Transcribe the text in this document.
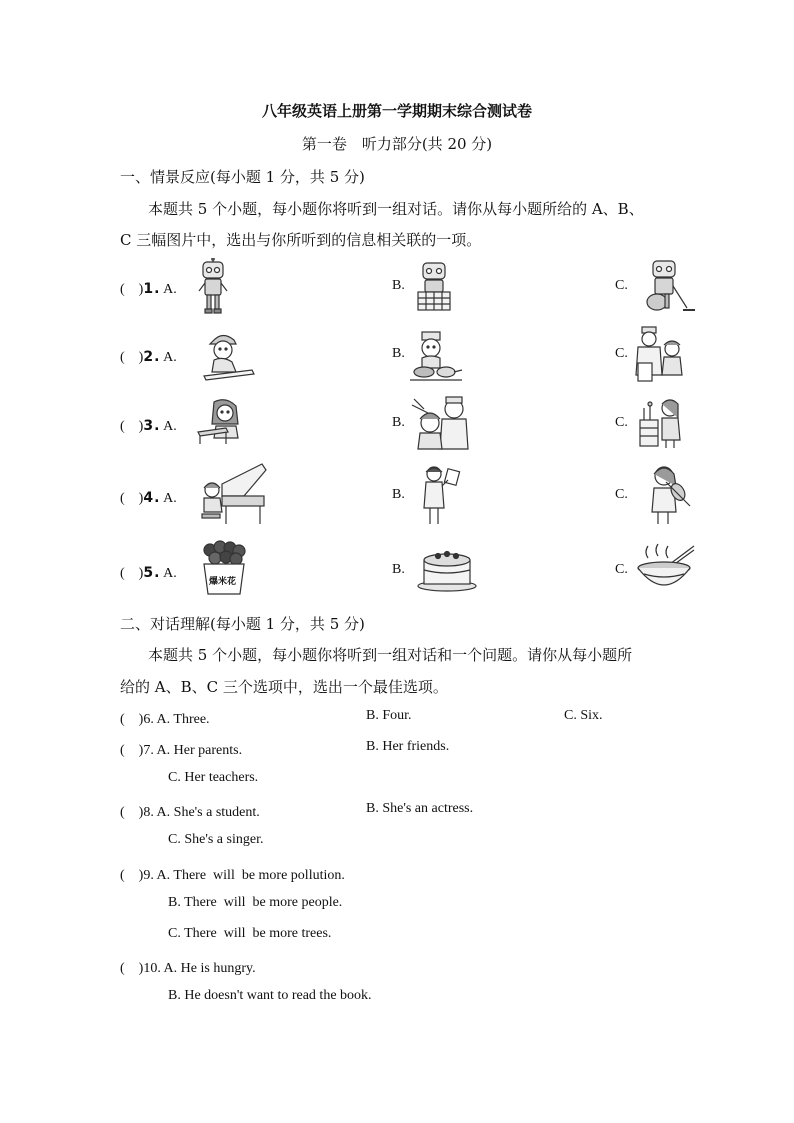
八年级英语上册第一学期期末综合测试卷
第一卷　听力部分(共 20 分)
一、情景反应(每小题 1 分，共 5 分)
本题共 5 个小题，每小题你将听到一组对话。请你从每小题所给的 A、B、
C 三幅图片中，选出与你所听到的信息相关联的一项。
(　)1. A.	B.	C.
(　)2. A.	B.	C.
(　)3. A.	B.	C.
(　)4. A.	B.	C.
(　)5. A.	B.	C.
爆米花
二、对话理解(每小题 1 分，共 5 分)
本题共 5 个小题，每小题你将听到一组对话和一个问题。请你从每小题所
给的 A、B、C 三个选项中，选出一个最佳选项。
(　)6. A. Three.	B. Four.	C. Six.
(　)7. A. Her parents.	B. Her friends.
C. Her teachers.
(　)8. A. She's a student.	B. She's an actress.
C. She's a singer.
(　)9. A. There  will  be more pollution.
B. There  will  be more people.
C. There  will  be more trees.
(　)10. A. He is hungry.
B. He doesn't want to read the book.
